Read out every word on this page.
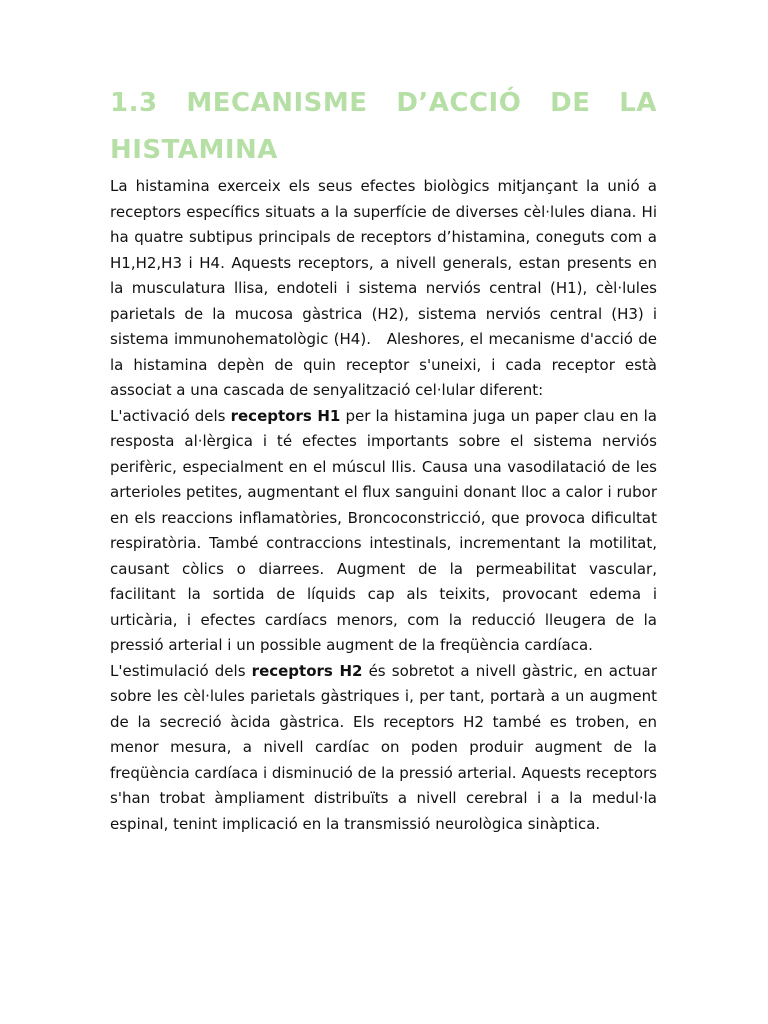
1.3 MECANISME D’ACCIÓ DE LA HISTAMINA

La histamina exerceix els seus efectes biològics mitjançant la unió a receptors específics situats a la superfície de diverses cèl·lules diana. Hi ha quatre subtipus principals de receptors d’histamina, coneguts com a H1,H2,H3 i H4. Aquests receptors, a nivell generals, estan presents en la musculatura llisa, endoteli i sistema nerviós central (H1), cèl·lules parietals de la mucosa gàstrica (H2), sistema nerviós central (H3) i sistema immunohematològic (H4).   Aleshores, el mecanisme d'acció de la histamina depèn de quin receptor s'uneixi, i cada receptor està associat a una cascada de senyalització cel·lular diferent:

L'activació dels receptors H1 per la histamina juga un paper clau en la resposta al·lèrgica i té efectes importants sobre el sistema nerviós perifèric, especialment en el múscul llis. Causa una vasodilatació de les arterioles petites, augmentant el flux sanguini donant lloc a calor i rubor en els reaccions inflamatòries, Broncoconstricció, que provoca dificultat respiratòria. També contraccions intestinals, incrementant la motilitat, causant còlics o diarrees. Augment de la permeabilitat vascular, facilitant la sortida de líquids cap als teixits, provocant edema i urticària, i efectes cardíacs menors, com la reducció lleugera de la pressió arterial i un possible augment de la freqüència cardíaca.

L'estimulació dels receptors H2 és sobretot a nivell gàstric, en actuar sobre les cèl·lules parietals gàstriques i, per tant, portarà a un augment de la secreció àcida gàstrica. Els receptors H2 també es troben, en menor mesura, a nivell cardíac on poden produir augment de la freqüència cardíaca i disminució de la pressió arterial. Aquests receptors s'han trobat àmpliament distribuïts a nivell cerebral i a la medul·la espinal, tenint implicació en la transmissió neurològica sinàptica.
